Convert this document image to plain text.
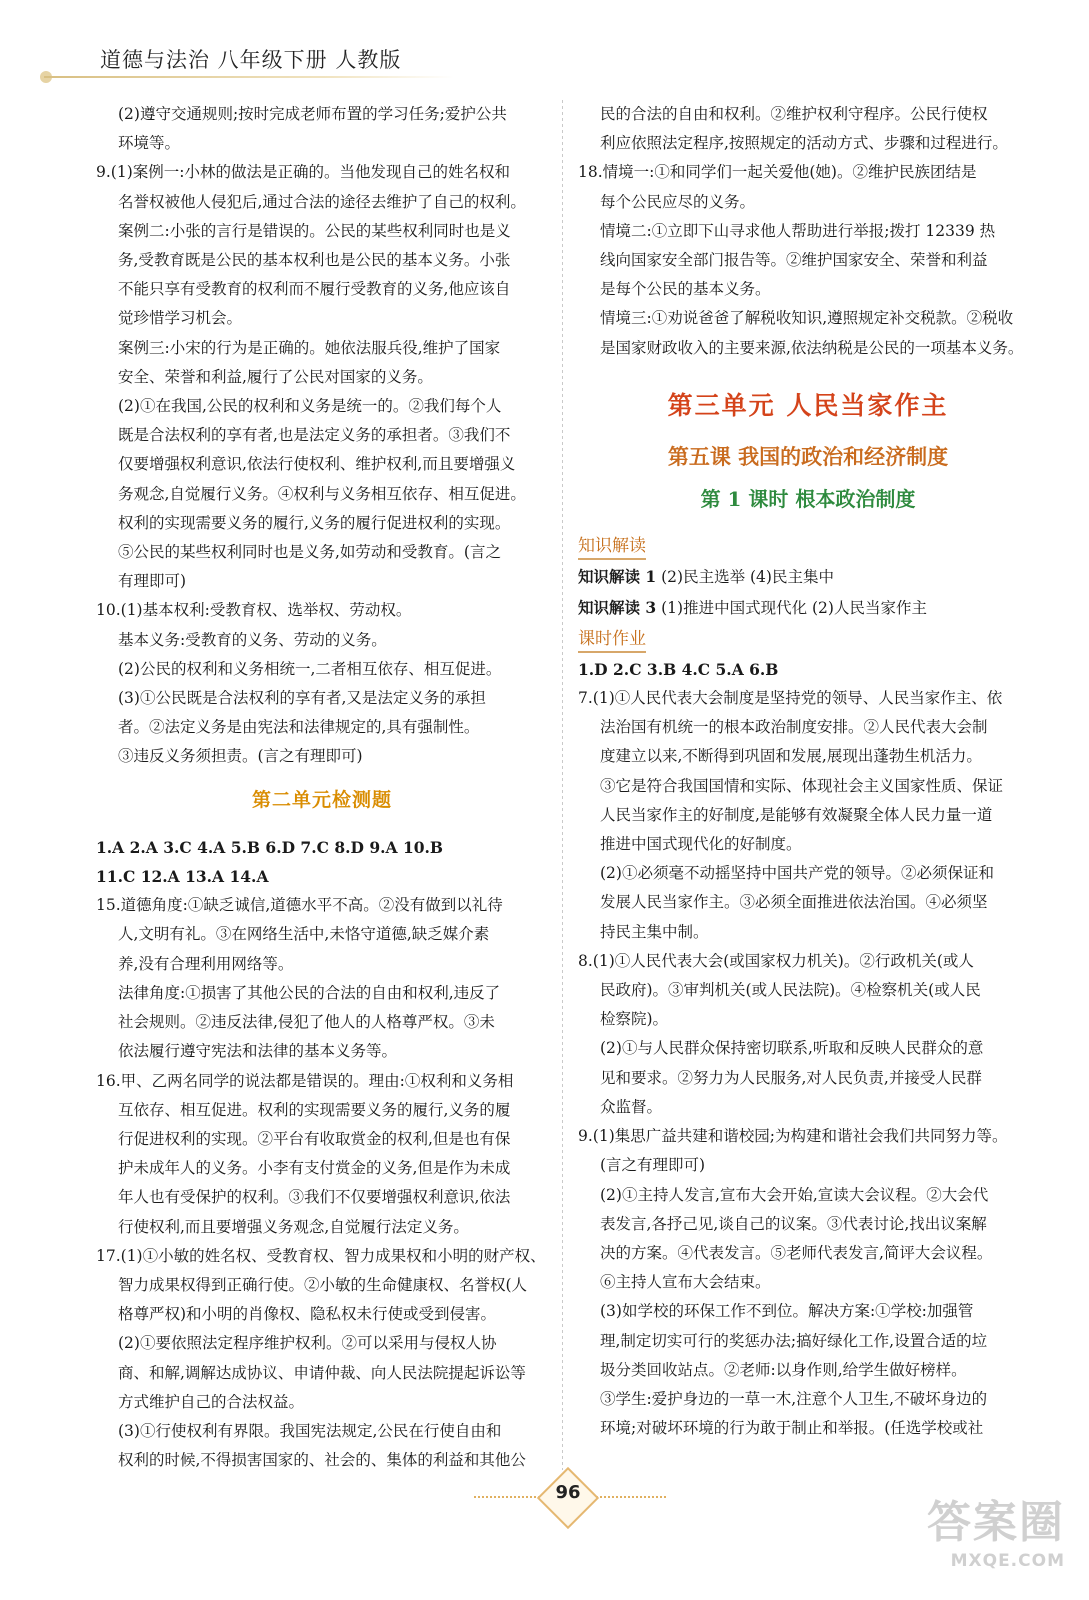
道德与法治 八年级下册 人教版

(2)遵守交通规则;按时完成老师布置的学习任务;爱护公共

环境等。

9.(1)案例一:小林的做法是正确的。当他发现自己的姓名权和

名誉权被他人侵犯后,通过合法的途径去维护了自己的权利。

案例二:小张的言行是错误的。公民的某些权利同时也是义

务,受教育既是公民的基本权利也是公民的基本义务。小张

不能只享有受教育的权利而不履行受教育的义务,他应该自

觉珍惜学习机会。

案例三:小宋的行为是正确的。她依法服兵役,维护了国家

安全、荣誉和利益,履行了公民对国家的义务。

(2)①在我国,公民的权利和义务是统一的。②我们每个人

既是合法权利的享有者,也是法定义务的承担者。③我们不

仅要增强权利意识,依法行使权利、维护权利,而且要增强义

务观念,自觉履行义务。④权利与义务相互依存、相互促进。

权利的实现需要义务的履行,义务的履行促进权利的实现。

⑤公民的某些权利同时也是义务,如劳动和受教育。(言之

有理即可)

10.(1)基本权利:受教育权、选举权、劳动权。

基本义务:受教育的义务、劳动的义务。

(2)公民的权利和义务相统一,二者相互依存、相互促进。

(3)①公民既是合法权利的享有者,又是法定义务的承担

者。②法定义务是由宪法和法律规定的,具有强制性。

③违反义务须担责。(言之有理即可)

第二单元检测题

1.A 2.A 3.C 4.A 5.B 6.D 7.C 8.D 9.A 10.B

11.C 12.A 13.A 14.A

15.道德角度:①缺乏诚信,道德水平不高。②没有做到以礼待

人,文明有礼。③在网络生活中,未恪守道德,缺乏媒介素

养,没有合理利用网络等。

法律角度:①损害了其他公民的合法的自由和权利,违反了

社会规则。②违反法律,侵犯了他人的人格尊严权。③未

依法履行遵守宪法和法律的基本义务等。

16.甲、乙两名同学的说法都是错误的。理由:①权利和义务相

互依存、相互促进。权利的实现需要义务的履行,义务的履

行促进权利的实现。②平台有收取赏金的权利,但是也有保

护未成年人的义务。小李有支付赏金的义务,但是作为未成

年人也有受保护的权利。③我们不仅要增强权利意识,依法

行使权利,而且要增强义务观念,自觉履行法定义务。

17.(1)①小敏的姓名权、受教育权、智力成果权和小明的财产权、

智力成果权得到正确行使。②小敏的生命健康权、名誉权(人

格尊严权)和小明的肖像权、隐私权未行使或受到侵害。

(2)①要依照法定程序维护权利。②可以采用与侵权人协

商、和解,调解达成协议、申请仲裁、向人民法院提起诉讼等

方式维护自己的合法权益。

(3)①行使权利有界限。我国宪法规定,公民在行使自由和

权利的时候,不得损害国家的、社会的、集体的利益和其他公

民的合法的自由和权利。②维护权利守程序。公民行使权

利应依照法定程序,按照规定的活动方式、步骤和过程进行。

18.情境一:①和同学们一起关爱他(她)。②维护民族团结是

每个公民应尽的义务。

情境二:①立即下山寻求他人帮助进行举报;拨打 12339 热

线向国家安全部门报告等。②维护国家安全、荣誉和利益

是每个公民的基本义务。

情境三:①劝说爸爸了解税收知识,遵照规定补交税款。②税收

是国家财政收入的主要来源,依法纳税是公民的一项基本义务。

第三单元 人民当家作主
第五课 我国的政治和经济制度
第 1 课时 根本政治制度
知识解读

知识解读 1 (2)民主选举 (4)民主集中

知识解读 3 (1)推进中国式现代化 (2)人民当家作主

课时作业

1.D 2.C 3.B 4.C 5.A 6.B

7.(1)①人民代表大会制度是坚持党的领导、人民当家作主、依

法治国有机统一的根本政治制度安排。②人民代表大会制

度建立以来,不断得到巩固和发展,展现出蓬勃生机活力。

③它是符合我国国情和实际、体现社会主义国家性质、保证

人民当家作主的好制度,是能够有效凝聚全体人民力量一道

推进中国式现代化的好制度。

(2)①必须毫不动摇坚持中国共产党的领导。②必须保证和

发展人民当家作主。③必须全面推进依法治国。④必须坚

持民主集中制。

8.(1)①人民代表大会(或国家权力机关)。②行政机关(或人

民政府)。③审判机关(或人民法院)。④检察机关(或人民

检察院)。

(2)①与人民群众保持密切联系,听取和反映人民群众的意

见和要求。②努力为人民服务,对人民负责,并接受人民群

众监督。

9.(1)集思广益共建和谐校园;为构建和谐社会我们共同努力等。

(言之有理即可)

(2)①主持人发言,宣布大会开始,宣读大会议程。②大会代

表发言,各抒己见,谈自己的议案。③代表讨论,找出议案解

决的方案。④代表发言。⑤老师代表发言,简评大会议程。

⑥主持人宣布大会结束。

(3)如学校的环保工作不到位。解决方案:①学校:加强管

理,制定切实可行的奖惩办法;搞好绿化工作,设置合适的垃

圾分类回收站点。②老师:以身作则,给学生做好榜样。

③学生:爱护身边的一草一木,注意个人卫生,不破坏身边的

环境;对破坏环境的行为敢于制止和举报。(任选学校或社

96
答案圈
MXQE.COM
